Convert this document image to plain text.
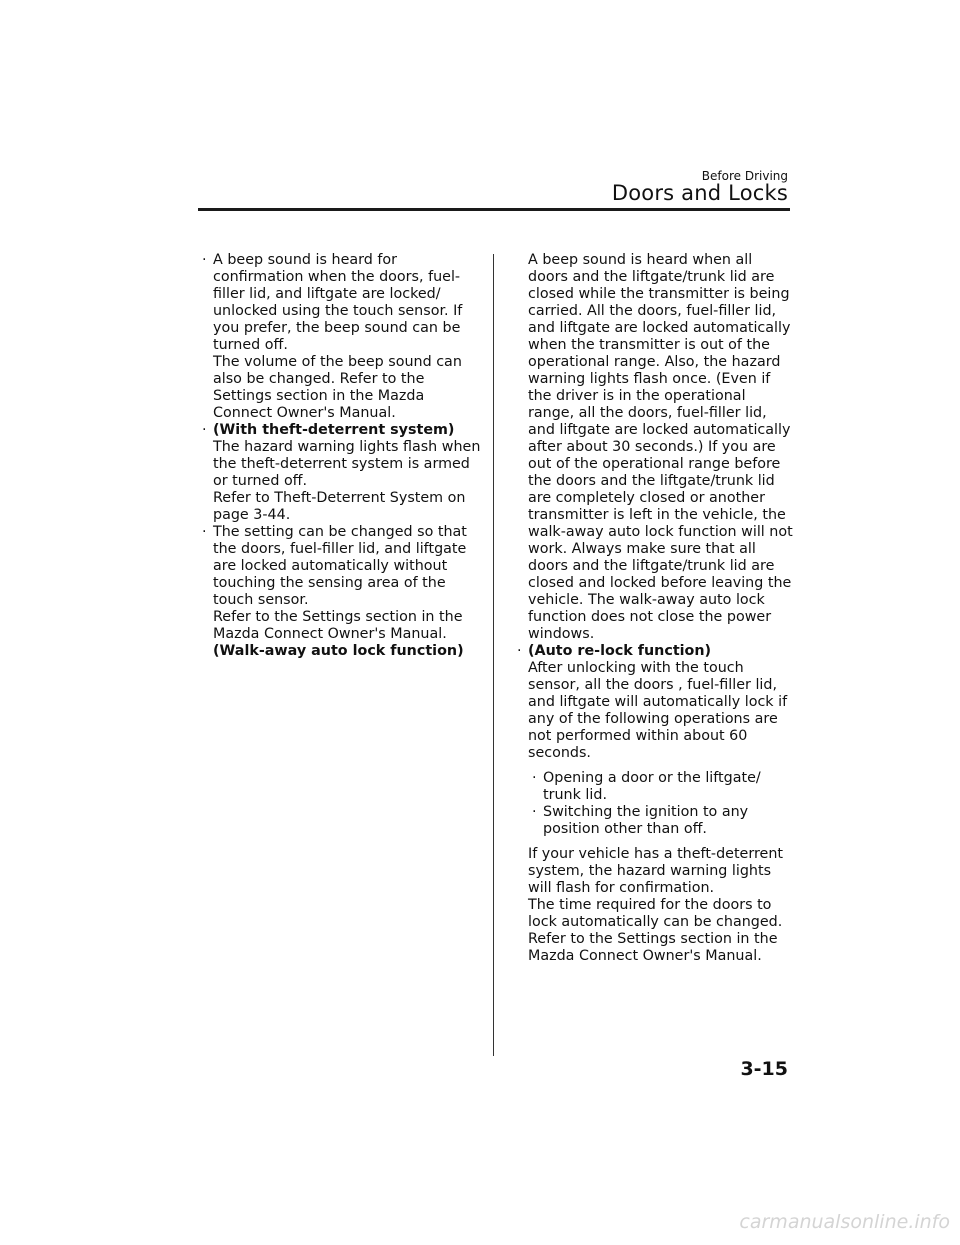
Before Driving
Doors and Locks
· A beep sound is heard for confirmation when the doors, fuel-filler lid, and liftgate are locked/ unlocked using the touch sensor. If you prefer, the beep sound can be turned off.
The volume of the beep sound can also be changed. Refer to the Settings section in the Mazda Connect Owner's Manual.
· (With theft-deterrent system)
The hazard warning lights flash when the theft-deterrent system is armed or turned off.
Refer to Theft-Deterrent System on page 3-44.
· The setting can be changed so that the doors, fuel-filler lid, and liftgate are locked automatically without touching the sensing area of the touch sensor.
Refer to the Settings section in the Mazda Connect Owner's Manual.
(Walk-away auto lock function)
A beep sound is heard when all doors and the liftgate/trunk lid are closed while the transmitter is being carried. All the doors, fuel-filler lid, and liftgate are locked automatically when the transmitter is out of the operational range. Also, the hazard warning lights flash once. (Even if the driver is in the operational range, all the doors, fuel-filler lid, and liftgate are locked automatically after about 30 seconds.) If you are out of the operational range before the doors and the liftgate/trunk lid are completely closed or another transmitter is left in the vehicle, the walk-away auto lock function will not work. Always make sure that all doors and the liftgate/trunk lid are closed and locked before leaving the vehicle. The walk-away auto lock function does not close the power windows.
· (Auto re-lock function)
After unlocking with the touch sensor, all the doors , fuel-filler lid, and liftgate will automatically lock if any of the following operations are not performed within about 60 seconds.
· Opening a door or the liftgate/ trunk lid.
· Switching the ignition to any position other than off.
If your vehicle has a theft-deterrent system, the hazard warning lights will flash for confirmation.
The time required for the doors to lock automatically can be changed.
Refer to the Settings section in the Mazda Connect Owner's Manual.
3-15
carmanualsonline.info
